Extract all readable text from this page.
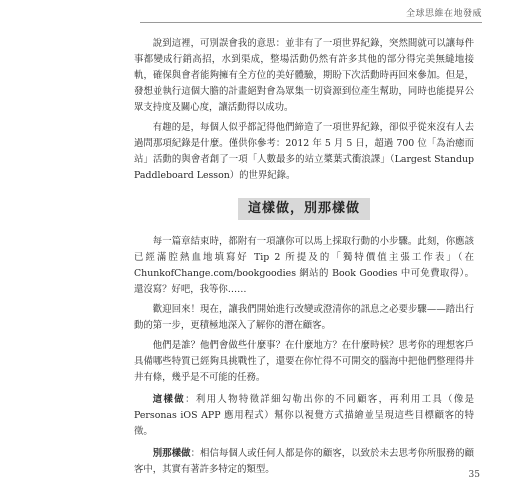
全球思維在地發威

說到這裡，可別誤會我的意思：並非有了一項世界紀錄，突然間就可以讓每件事都變成行銷高招，水到渠成，整場活動仍然有許多其他的部分得完美無縫地接軌，確保與會者能夠擁有全方位的美好體驗，期盼下次活動時再回來參加。但是，發想並執行這個大膽的計畫絕對會為眾集一切資源到位產生幫助，同時也能提昇公眾支持度及關心度，讓活動得以成功。

有趣的是，每個人似乎都記得他們締造了一項世界紀錄，卻似乎從來沒有人去過問那項紀錄是什麼。僅供你參考：2012 年 5 月 5 日，超過 700 位「為治癒而站」活動的與會者創了一項「人數最多的站立槳葉式衝浪課」（Largest Standup Paddleboard Lesson）的世界紀錄。

這樣做，別那樣做

每一篇章結束時，都附有一項讓你可以馬上採取行動的小步驟。此刻，你應該已經滿腔熱血地填寫好 Tip 2 所提及的「獨特價值主張工作表」（在 ChunkofChange.com/bookgoodies 網站的 Book Goodies 中可免費取得）。還沒寫？好吧，我等你……

歡迎回來！現在，讓我們開始進行改變或澄清你的訊息之必要步驟——踏出行動的第一步，更積極地深入了解你的潛在顧客。

他們是誰？他們會做些什麼事？在什麼地方？在什麼時候？思考你的理想客戶具備哪些特質已經夠具挑戰性了，還要在你忙得不可開交的腦海中把他們整理得井井有條，幾乎是不可能的任務。

這樣做：利用人物特徵詳細勾勒出你的不同顧客，再利用工具（像是 Personas iOS APP 應用程式）幫你以視覺方式描繪並呈現這些目標顧客的特徵。

別那樣做：相信每個人或任何人都是你的顧客，以致於未去思考你所服務的顧客中，其實有著許多特定的類型。	35
